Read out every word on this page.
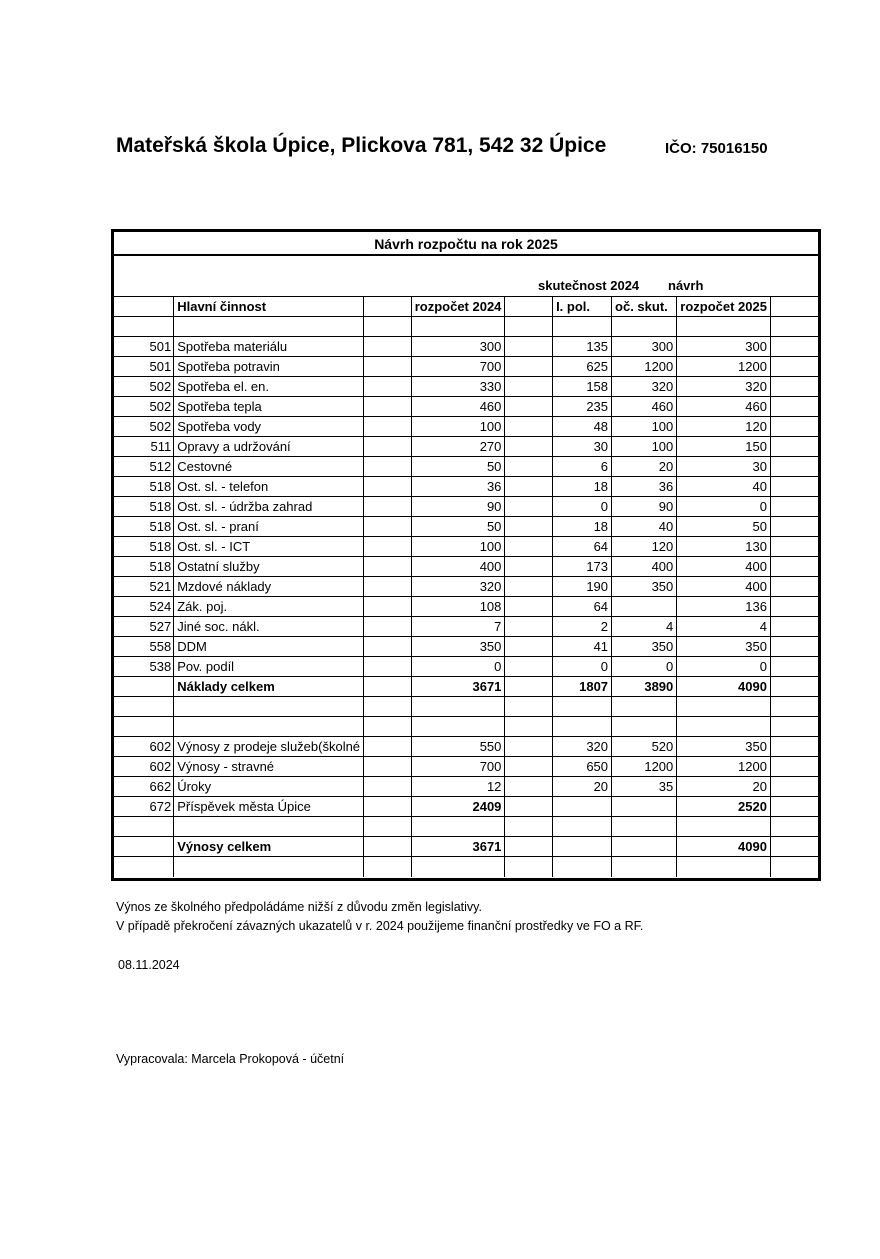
Mateřská škola Úpice, Plickova 781, 542 32 Úpice	IČO: 75016150
Návrh rozpočtu na rok 2025
skutečnost 2024 návrh
	Hlavní činnost		rozpočet 2024		I. pol.	oč. skut.	rozpočet 2025	

501	Spotřeba materiálu		300		135	300	300	
501	Spotřeba potravin		700		625	1200	1200	
502	Spotřeba el. en.		330		158	320	320	
502	Spotřeba tepla		460		235	460	460	
502	Spotřeba vody		100		48	100	120	
511	Opravy a udržování		270		30	100	150	
512	Cestovné		50		6	20	30	
518	Ost. sl. - telefon		36		18	36	40	
518	Ost. sl. - údržba zahrad		90		0	90	0	
518	Ost. sl. - praní		50		18	40	50	
518	Ost. sl. - ICT		100		64	120	130	
518	Ostatní služby		400		173	400	400	
521	Mzdové náklady		320		190	350	400	
524	Zák. poj.		108		64		136	
527	Jiné soc. nákl.		7		2	4	4	
558	DDM		350		41	350	350	
538	Pov. podíl		0		0	0	0	
	Náklady celkem		3671		1807	3890	4090	

602	Výnosy z prodeje služeb(školné		550		320	520	350	
602	Výnosy - stravné		700		650	1200	1200	
662	Úroky		12		20	35	20	
672	Příspěvek města Úpice		2409				2520	

	Výnosy celkem		3671				4090	

Výnos ze školného předpoládáme nižší z důvodu změn legislativy.
V případě překročení závazných ukazatelů v r. 2024 použijeme finanční prostředky ve FO a RF.
08.11.2024
Vypracovala: Marcela Prokopová - účetní
